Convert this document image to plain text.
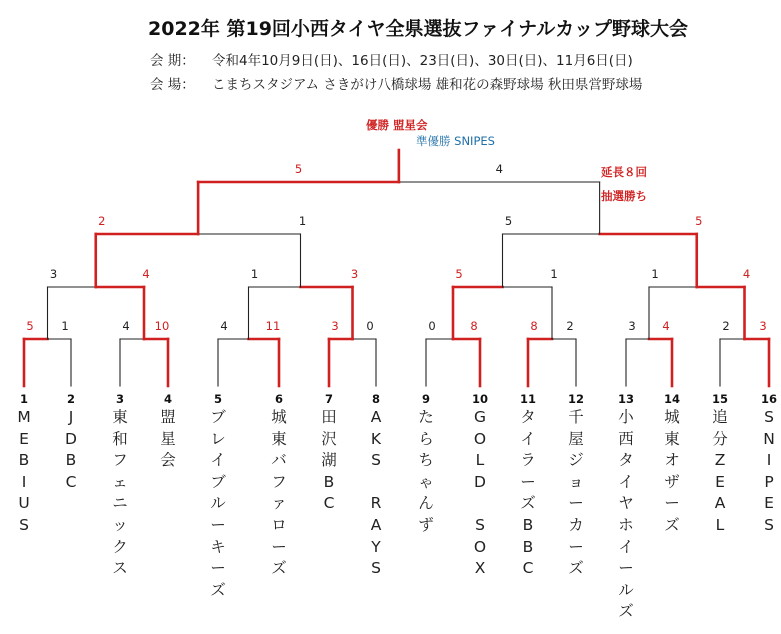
2022年 第19回小西タイヤ全県選抜ファイナルカップ野球大会
会 期： 令和4年10月9日(日)、16日(日)、23日(日)、30日(日)、11月6日(日)
会 場： こまちスタジアム さきがけ八橋球場 雄和花の森野球場 秋田県営野球場
優勝 盟星会
準優勝 SNIPES
延長８回
抽選勝ち
5 1	4 10	4	11	3 0	0	8	8 2	3 4	2	3
3	4	1	3	5	1	1	4
2	1	5	5
5	4
1
M
E
B
I
U
S
2
J
D
B
C
3
東
和
フ
ェ
ニ
ッ
ク
ス
4
盟
星
会
5
ブ
レ
イ
ブ
ル
ー
キ
ー
ズ
6
城
東
バ
フ
ァ
ロ
ー
ズ
7
田
沢
湖
B
C
8
A
K
S

R
A
Y
S
9
た
ら
ち
ゃ
ん
ず
10
G
O
L
D

S
O
X
11
タ
イ
ラ
ー
ズ
B
B
C
12
千
屋
ジ
ョ
ー
カ
ー
ズ
13
小
西
タ
イ
ヤ
ホ
イ
ー
ル
ズ
14
城
東
オ
ザ
ー
ズ
15
追
分
Z
E
A
L
16
S
N
I
P
E
S
